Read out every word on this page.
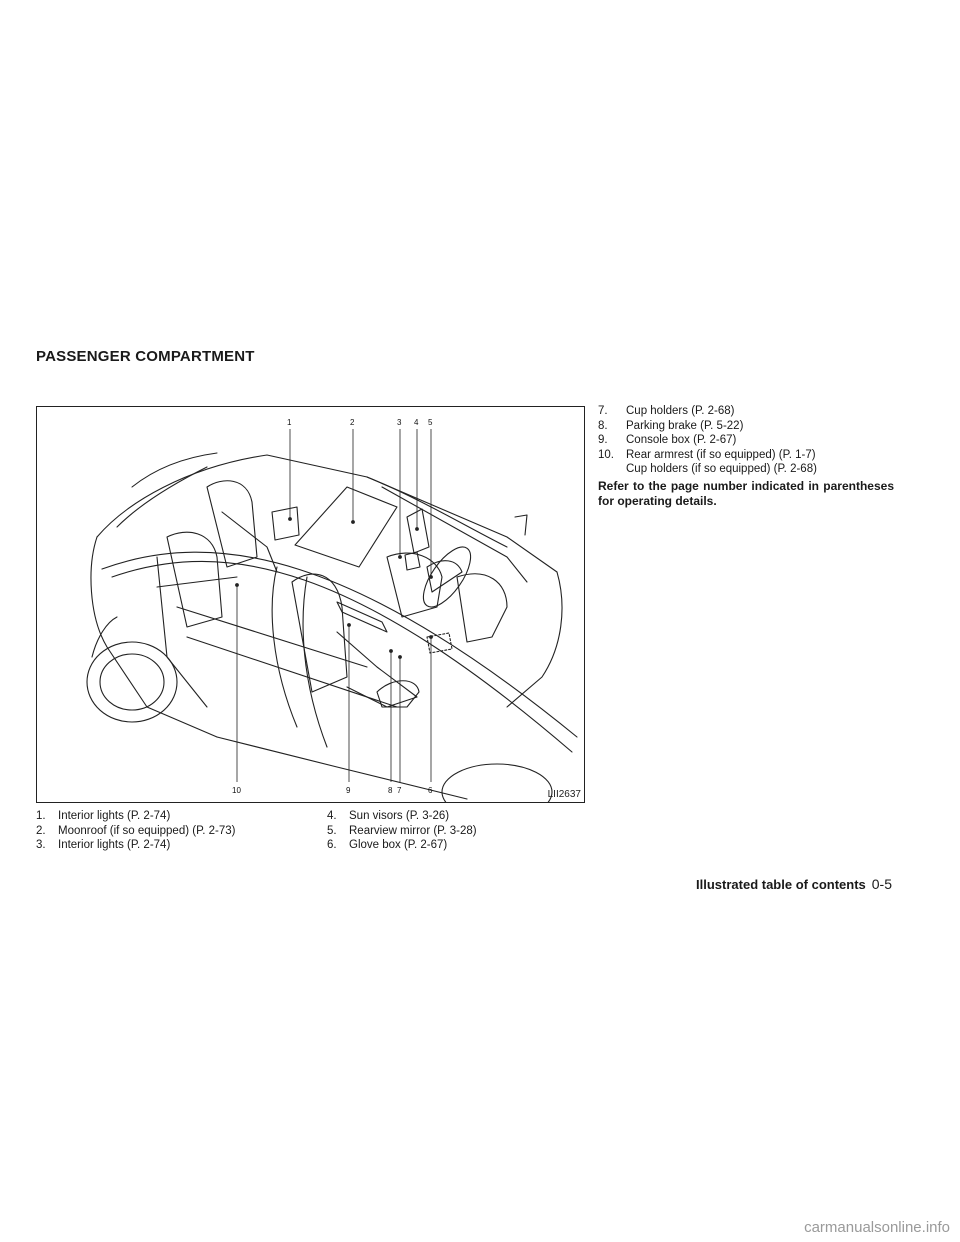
PASSENGER COMPARTMENT
1	2	3 4 5
6
7
8
9
10	LII2637
1.	Interior lights (P. 2-74)
2.	Moonroof (if so equipped) (P. 2-73)
3.	Interior lights (P. 2-74)
4.	Sun visors (P. 3-26)
5.	Rearview mirror (P. 3-28)
6.	Glove box (P. 2-67)
7.	Cup holders (P. 2-68)
8.	Parking brake (P. 5-22)
9.	Console box (P. 2-67)
10.	Rear armrest (if so equipped) (P. 1-7)
Cup holders (if so equipped) (P. 2-68)
Refer to the page number indicated in parentheses for operating details.
Illustrated table of contents 0-5
carmanualsonline.info
